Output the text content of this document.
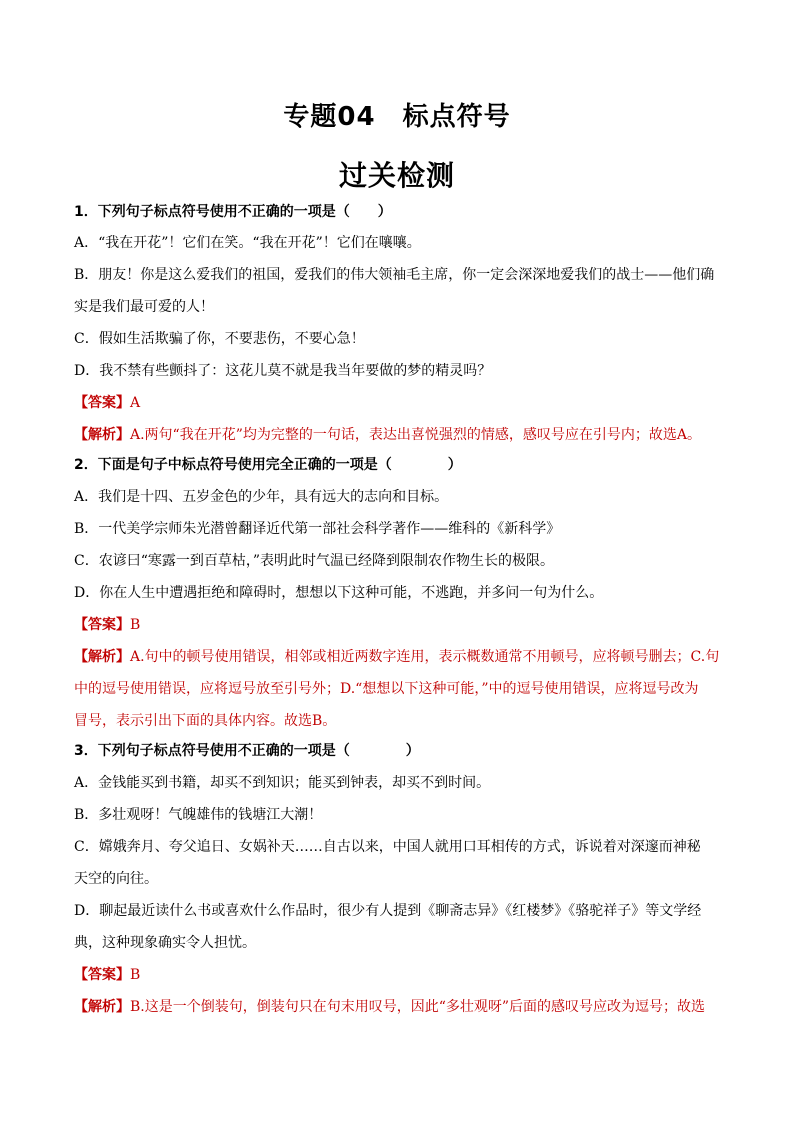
专题04　标点符号
过关检测
1．下列句子标点符号使用不正确的一项是（　　）
A．“我在开花”！它们在笑。“我在开花”！它们在嚷嚷。
B．朋友！你是这么爱我们的祖国，爱我们的伟大领袖毛主席，你一定会深深地爱我们的战士——他们确
实是我们最可爱的人！
C．假如生活欺骗了你，不要悲伤，不要心急！
D．我不禁有些颤抖了：这花儿莫不就是我当年要做的梦的精灵吗？
【答案】A
【解析】A.两句“我在开花”均为完整的一句话，表达出喜悦强烈的情感，感叹号应在引号内；故选A。
2．下面是句子中标点符号使用完全正确的一项是（　　　　）
A．我们是十四、五岁金色的少年，具有远大的志向和目标。
B．一代美学宗师朱光潜曾翻译近代第一部社会科学著作——维科的《新科学》
C．农谚曰“寒露一到百草枯，”表明此时气温已经降到限制农作物生长的极限。
D．你在人生中遭遇拒绝和障碍时，想想以下这种可能，不逃跑，并多问一句为什么。
【答案】B
【解析】A.句中的顿号使用错误，相邻或相近两数字连用，表示概数通常不用顿号，应将顿号删去；C.句
中的逗号使用错误，应将逗号放至引号外；D.“想想以下这种可能，”中的逗号使用错误，应将逗号改为
冒号，表示引出下面的具体内容。故选B。
3．下列句子标点符号使用不正确的一项是（　　　　）
A．金钱能买到书籍，却买不到知识；能买到钟表，却买不到时间。
B．多壮观呀！气魄雄伟的钱塘江大潮！
C．嫦娥奔月、夸父追日、女娲补天……自古以来，中国人就用口耳相传的方式，诉说着对深邃而神秘
天空的向往。
D．聊起最近读什么书或喜欢什么作品时，很少有人提到《聊斋志异》《红楼梦》《骆驼祥子》等文学经
典，这种现象确实令人担忧。
【答案】B
【解析】B.这是一个倒装句，倒装句只在句末用叹号，因此“多壮观呀”后面的感叹号应改为逗号；故选
